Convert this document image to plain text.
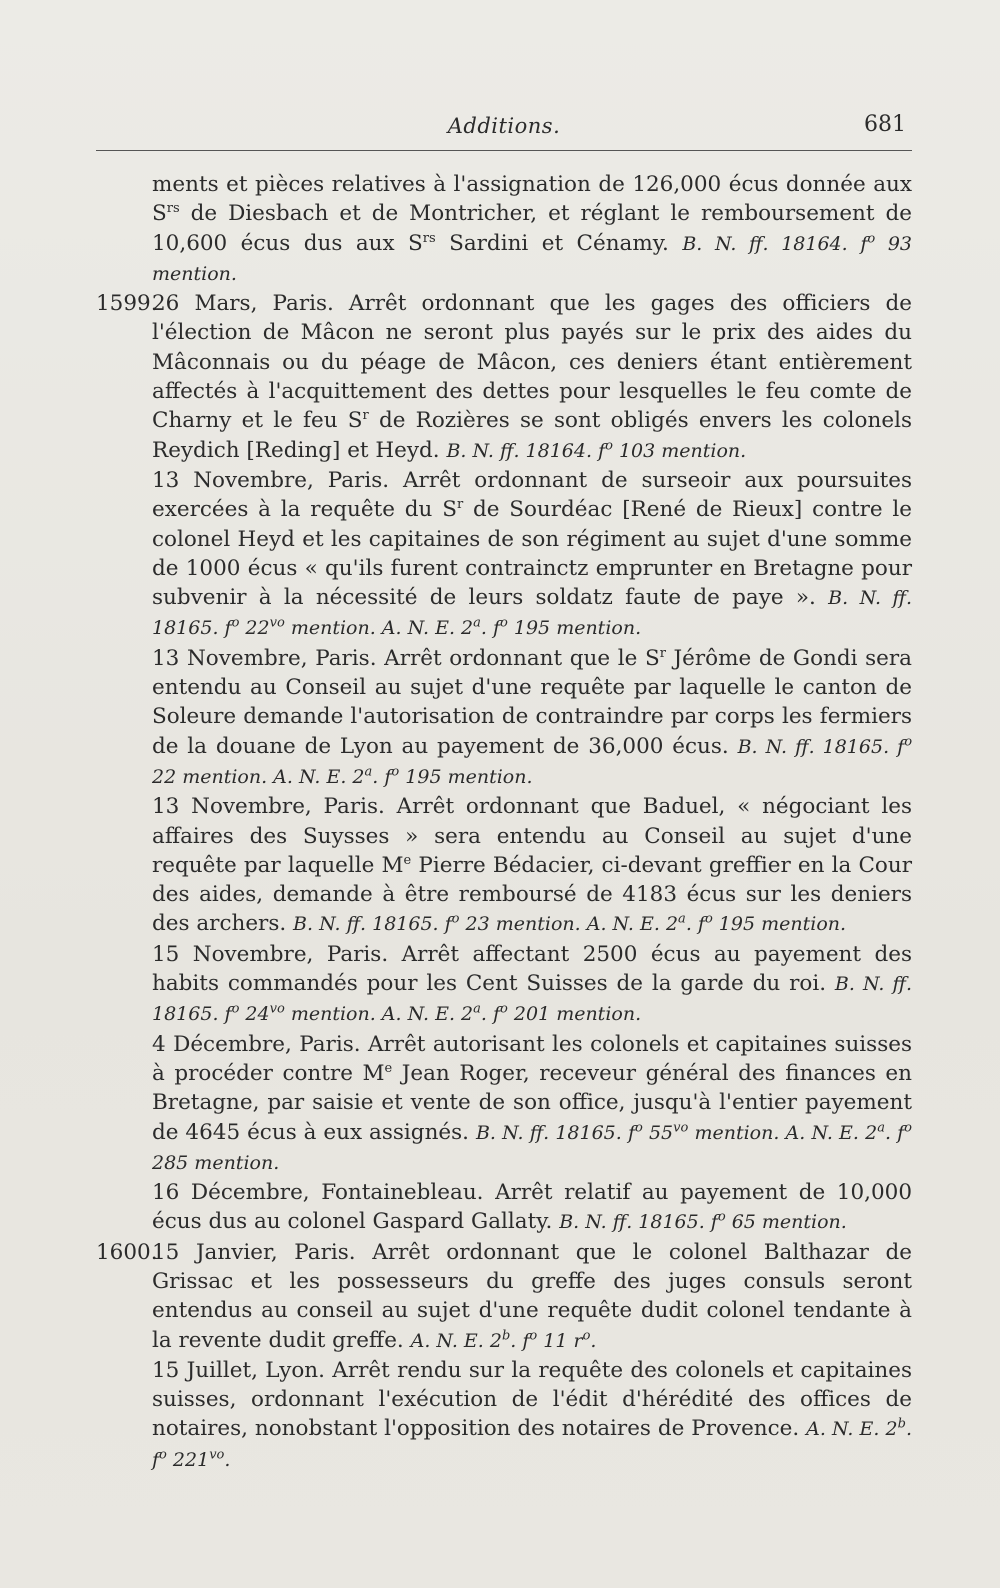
Additions.	681

ments et pièces relatives à l'assignation de 126,000 écus donnée aux $S^{rs}$ de Diesbach et de Montricher, et réglant le remboursement de 10,600 écus dus aux $S^{rs}$ Sardini et Cénamy. B. N. ff. 18164. $f^o$ 93 mention.

1599.
26 Mars, Paris. Arrêt ordonnant que les gages des officiers de l'élection de Mâcon ne seront plus payés sur le prix des aides du Mâconnais ou du péage de Mâcon, ces deniers étant entièrement affectés à l'acquittement des dettes pour lesquelles le feu comte de Charny et le feu $S^r$ de Rozières se sont obligés envers les colonels Reydich [Reding] et Heyd. B. N. ff. 18164. $f^o$ 103 mention.

13 Novembre, Paris. Arrêt ordonnant de surseoir aux poursuites exercées à la requête du $S^r$ de Sourdéac [René de Rieux] contre le colonel Heyd et les capitaines de son régiment au sujet d'une somme de 1000 écus « qu'ils furent contrainctz emprunter en Bretagne pour subvenir à la nécessité de leurs soldatz faute de paye ». B. N. ff. 18165. $f^o$ $22^{vo}$ mention. A. N. E. 2$^a$. $f^o$ 195 mention.

13 Novembre, Paris. Arrêt ordonnant que le $S^r$ Jérôme de Gondi sera entendu au Conseil au sujet d'une requête par laquelle le canton de Soleure demande l'autorisation de contraindre par corps les fermiers de la douane de Lyon au payement de 36,000 écus. B. N. ff. 18165. $f^o$ 22 mention. A. N. E. 2$^a$. $f^o$ 195 mention.

13 Novembre, Paris. Arrêt ordonnant que Baduel, « négociant les affaires des Suysses » sera entendu au Conseil au sujet d'une requête par laquelle Me Pierre Bédacier, ci-devant greffier en la Cour des aides, demande à être remboursé de 4183 écus sur les deniers des archers. B. N. ff. 18165. $f^o$ 23 mention. A. N. E. 2$^a$. $f^o$ 195 mention.

15 Novembre, Paris. Arrêt affectant 2500 écus au payement des habits commandés pour les Cent Suisses de la garde du roi. B. N. ff. 18165. $f^o$ $24^{vo}$ mention. A. N. E. 2$^a$. $f^o$ 201 mention.

4 Décembre, Paris. Arrêt autorisant les colonels et capitaines suisses à procéder contre Me Jean Roger, receveur général des finances en Bretagne, par saisie et vente de son office, jusqu'à l'entier payement de 4645 écus à eux assignés. B. N. ff. 18165. $f^o$ $55^{vo}$ mention. A. N. E. 2$^a$. $f^o$ 285 mention.

16 Décembre, Fontainebleau. Arrêt relatif au payement de 10,000 écus dus au colonel Gaspard Gallaty. B. N. ff. 18165. $f^o$ 65 mention.

1600.
15 Janvier, Paris. Arrêt ordonnant que le colonel Balthazar de Grissac et les possesseurs du greffe des juges consuls seront entendus au conseil au sujet d'une requête dudit colonel tendante à la revente dudit greffe. A. N. E. 2$^b$. $f^o$ 11 $r^o$.

15 Juillet, Lyon. Arrêt rendu sur la requête des colonels et capitaines suisses, ordonnant l'exécution de l'édit d'hérédité des offices de notaires, nonobstant l'opposition des notaires de Provence. A. N. E. 2$^b$. $f^o$ $221^{vo}$.
